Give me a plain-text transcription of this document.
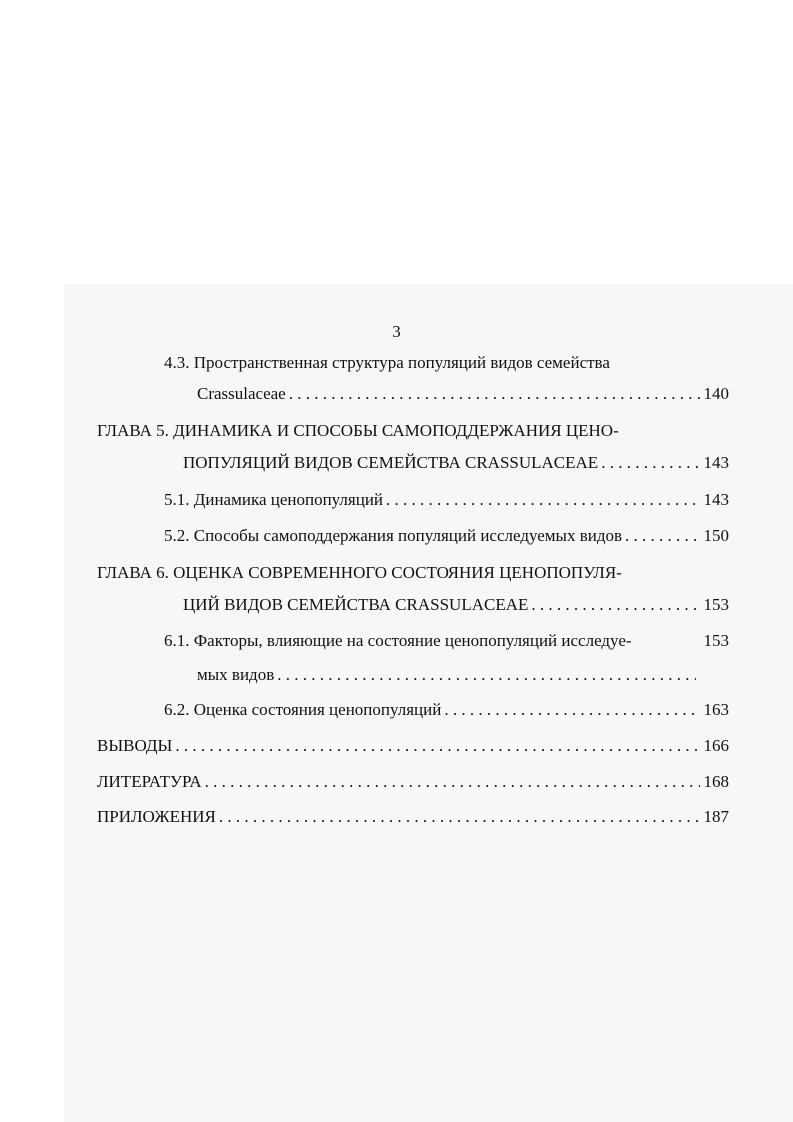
3
4.3. Пространственная структура популяций видов семейства
Crassulaceae . . .	140
ГЛАВА 5. ДИНАМИКА И СПОСОБЫ САМОПОДДЕРЖАНИЯ ЦЕНО-
ПОПУЛЯЦИЙ ВИДОВ СЕМЕЙСТВА CRASSULACEAE . . .	143
5.1. Динамика ценопопуляций . . .	143
5.2. Способы самоподдержания популяций исследуемых видов . . .	150
ГЛАВА 6. ОЦЕНКА СОВРЕМЕННОГО СОСТОЯНИЯ ЦЕНОПОПУЛЯ-
ЦИЙ ВИДОВ СЕМЕЙСТВА CRASSULACEAE . . .	153
6.1. Факторы, влияющие на состояние ценопопуляций исследуе-	153
мых видов
. . .
6.2. Оценка состояния ценопопуляций . . .	163
ВЫВОДЫ . . .	166
ЛИТЕРАТУРА . . .	168
ПРИЛОЖЕНИЯ . . .	187
